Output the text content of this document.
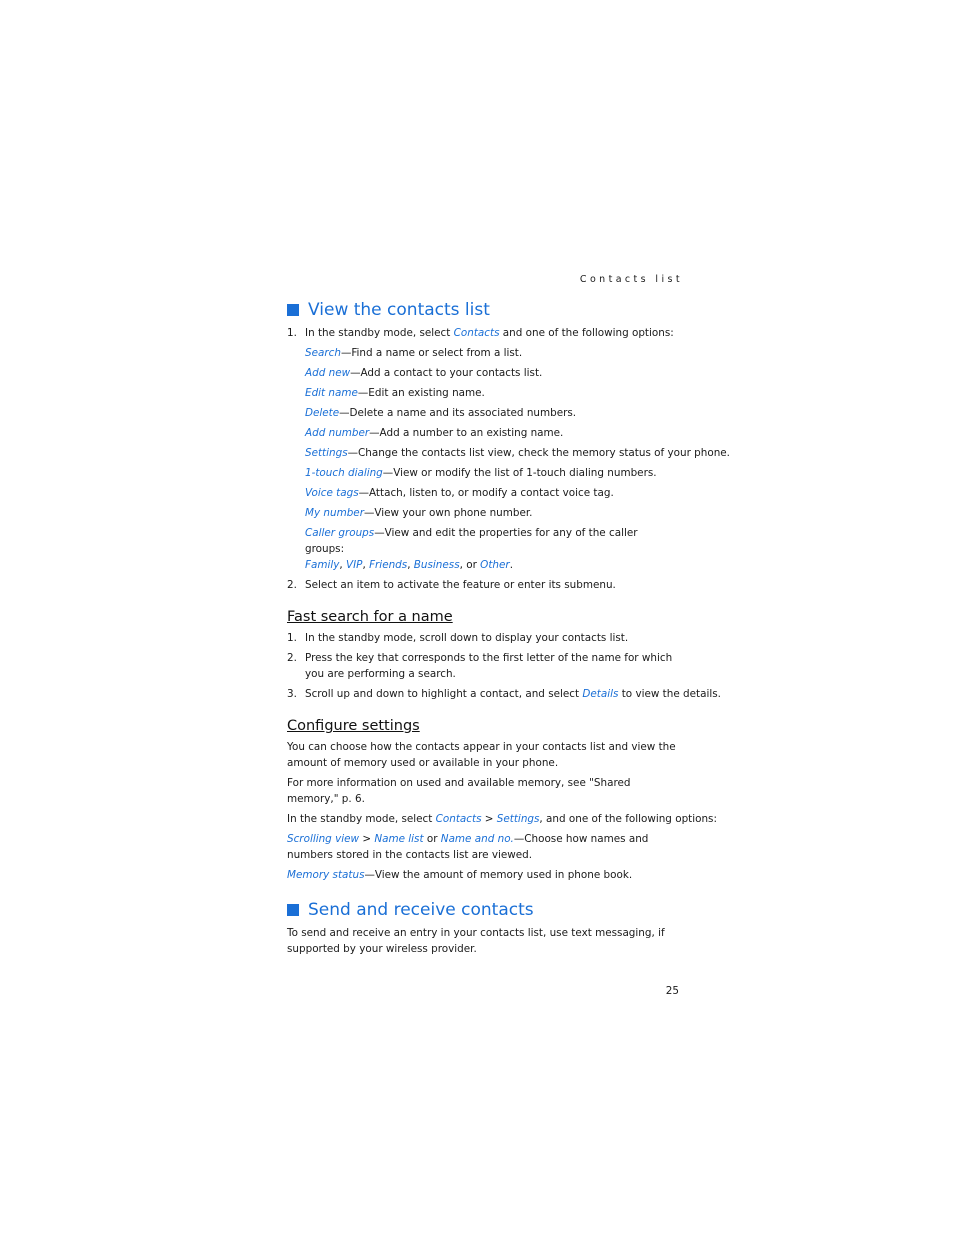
Contacts list
View the contacts list
1. In the standby mode, select Contacts and one of the following options:
Search—Find a name or select from a list.
Add new—Add a contact to your contacts list.
Edit name—Edit an existing name.
Delete—Delete a name and its associated numbers.
Add number—Add a number to an existing name.
Settings—Change the contacts list view, check the memory status of your phone.
1-touch dialing—View or modify the list of 1-touch dialing numbers.
Voice tags—Attach, listen to, or modify a contact voice tag.
My number—View your own phone number.
Caller groups—View and edit the properties for any of the caller groups:
Family, VIP, Friends, Business, or Other.
2. Select an item to activate the feature or enter its submenu.
Fast search for a name
1. In the standby mode, scroll down to display your contacts list.
2. Press the key that corresponds to the first letter of the name for which you are performing a search.
3. Scroll up and down to highlight a contact, and select Details to view the details.
Configure settings
You can choose how the contacts appear in your contacts list and view the amount of memory used or available in your phone.
For more information on used and available memory, see "Shared memory," p. 6.
In the standby mode, select Contacts > Settings, and one of the following options:
Scrolling view > Name list or Name and no.—Choose how names and numbers stored in the contacts list are viewed.
Memory status—View the amount of memory used in phone book.
Send and receive contacts
To send and receive an entry in your contacts list, use text messaging, if supported by your wireless provider.
25
